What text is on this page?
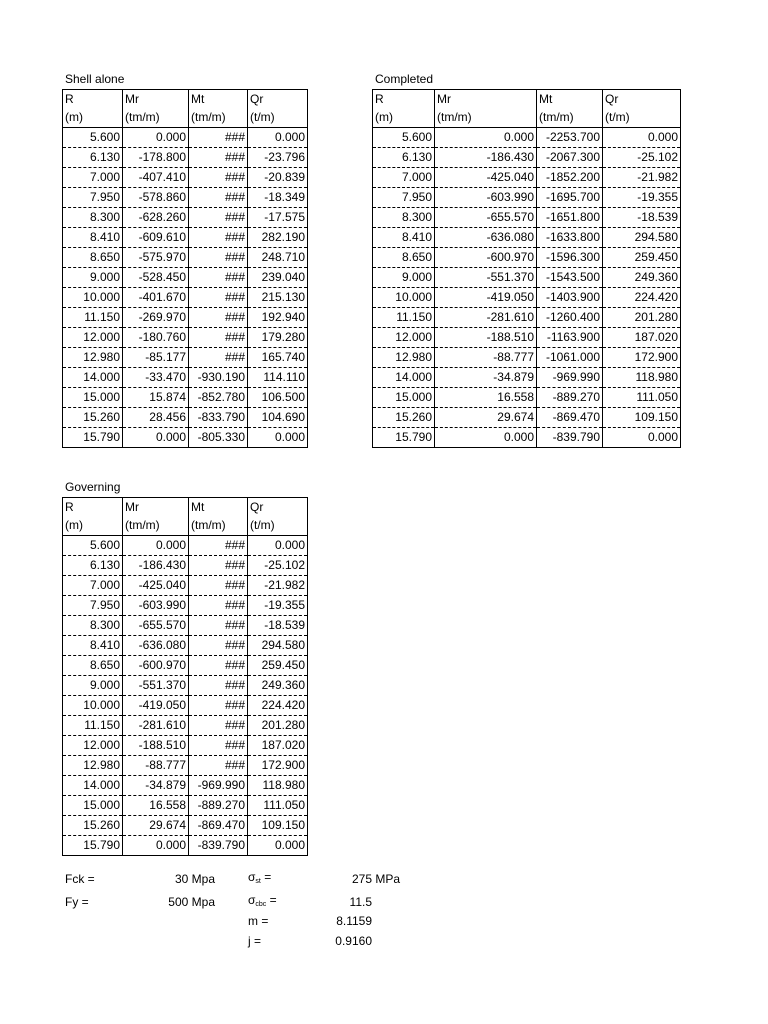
Shell alone
R	Mr	Mt	Qr
(m)	(tm/m)	(tm/m)	(t/m)
5.600	0.000	###	0.000
6.130	-178.800	###	-23.796
7.000	-407.410	###	-20.839
7.950	-578.860	###	-18.349
8.300	-628.260	###	-17.575
8.410	-609.610	###	282.190
8.650	-575.970	###	248.710
9.000	-528.450	###	239.040
10.000	-401.670	###	215.130
11.150	-269.970	###	192.940
12.000	-180.760	###	179.280
12.980	-85.177	###	165.740
14.000	-33.470	-930.190	114.110
15.000	15.874	-852.780	106.500
15.260	28.456	-833.790	104.690
15.790	0.000	-805.330	0.000
Completed
R	Mr	Mt	Qr
(m)	(tm/m)	(tm/m)	(t/m)
5.600	0.000	-2253.700	0.000
6.130	-186.430	-2067.300	-25.102
7.000	-425.040	-1852.200	-21.982
7.950	-603.990	-1695.700	-19.355
8.300	-655.570	-1651.800	-18.539
8.410	-636.080	-1633.800	294.580
8.650	-600.970	-1596.300	259.450
9.000	-551.370	-1543.500	249.360
10.000	-419.050	-1403.900	224.420
11.150	-281.610	-1260.400	201.280
12.000	-188.510	-1163.900	187.020
12.980	-88.777	-1061.000	172.900
14.000	-34.879	-969.990	118.980
15.000	16.558	-889.270	111.050
15.260	29.674	-869.470	109.150
15.790	0.000	-839.790	0.000
Governing
R	Mr	Mt	Qr
(m)	(tm/m)	(tm/m)	(t/m)
5.600	0.000	###	0.000
6.130	-186.430	###	-25.102
7.000	-425.040	###	-21.982
7.950	-603.990	###	-19.355
8.300	-655.570	###	-18.539
8.410	-636.080	###	294.580
8.650	-600.970	###	259.450
9.000	-551.370	###	249.360
10.000	-419.050	###	224.420
11.150	-281.610	###	201.280
12.000	-188.510	###	187.020
12.980	-88.777	###	172.900
14.000	-34.879	-969.990	118.980
15.000	16.558	-889.270	111.050
15.260	29.674	-869.470	109.150
15.790	0.000	-839.790	0.000
Fck =	30 Mpa
Fy =	500 Mpa
$\sigma_{st}$ =	275 MPa
$\sigma_{cbc}$ =	11.5
m =	8.1159
j =	0.9160
